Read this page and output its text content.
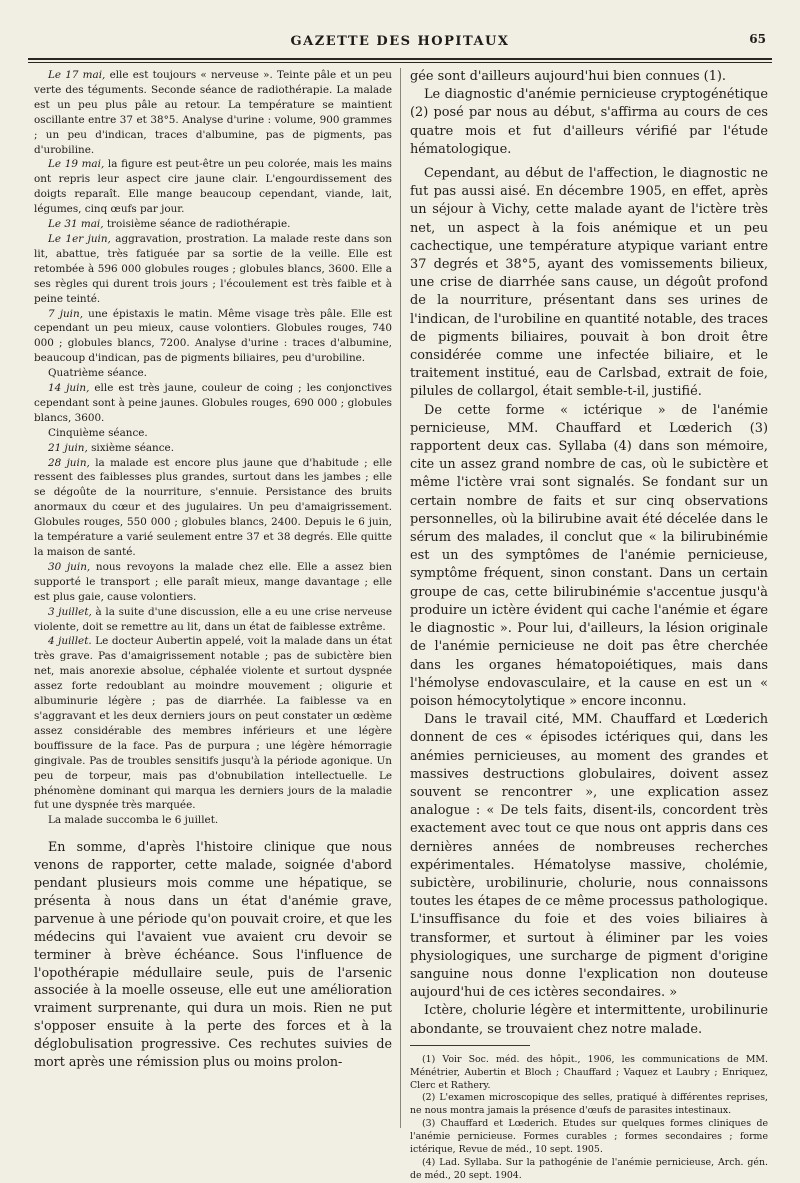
GAZETTE DES HOPITAUX	65

Le 17 mai, elle est toujours « nerveuse ». Teinte pâle et un peu verte des téguments. Seconde séance de radiothérapie. La malade est un peu plus pâle au retour. La température se maintient oscillante entre 37 et 38°5. Analyse d'urine : volume, 900 grammes ; un peu d'indican, traces d'albumine, pas de pigments, pas d'urobiline.

Le 19 mai, la figure est peut-être un peu colorée, mais les mains ont repris leur aspect cire jaune clair. L'engourdissement des doigts reparaît. Elle mange beaucoup cependant, viande, lait, légumes, cinq œufs par jour.

Le 31 mai, troisième séance de radiothérapie.

Le 1er juin, aggravation, prostration. La malade reste dans son lit, abattue, très fatiguée par sa sortie de la veille. Elle est retombée à 596 000 globules rouges ; globules blancs, 3600. Elle a ses règles qui durent trois jours ; l'écoulement est très faible et à peine teinté.

7 juin, une épistaxis le matin. Même visage très pâle. Elle est cependant un peu mieux, cause volontiers. Globules rouges, 740 000 ; globules blancs, 7200. Analyse d'urine : traces d'albumine, beaucoup d'indican, pas de pigments biliaires, peu d'urobiline.

Quatrième séance.

14 juin, elle est très jaune, couleur de coing ; les conjonctives cependant sont à peine jaunes. Globules rouges, 690 000 ; globules blancs, 3600.

Cinquième séance.

21 juin, sixième séance.

28 juin, la malade est encore plus jaune que d'habitude ; elle ressent des faiblesses plus grandes, surtout dans les jambes ; elle se dégoûte de la nourriture, s'ennuie. Persistance des bruits anormaux du cœur et des jugulaires. Un peu d'amaigrissement. Globules rouges, 550 000 ; globules blancs, 2400. Depuis le 6 juin, la température a varié seulement entre 37 et 38 degrés. Elle quitte la maison de santé.

30 juin, nous revoyons la malade chez elle. Elle a assez bien supporté le transport ; elle paraît mieux, mange davantage ; elle est plus gaie, cause volontiers.

3 juillet, à la suite d'une discussion, elle a eu une crise nerveuse violente, doit se remettre au lit, dans un état de faiblesse extrême.

4 juillet. Le docteur Aubertin appelé, voit la malade dans un état très grave. Pas d'amaigrissement notable ; pas de subictère bien net, mais anorexie absolue, céphalée violente et surtout dyspnée assez forte redoublant au moindre mouvement ; oligurie et albuminurie légère ; pas de diarrhée. La faiblesse va en s'aggravant et les deux derniers jours on peut constater un œdème assez considérable des membres inférieurs et une légère bouffissure de la face. Pas de purpura ; une légère hémorragie gingivale. Pas de troubles sensitifs jusqu'à la période agonique. Un peu de torpeur, mais pas d'obnubilation intellectuelle. Le phénomène dominant qui marqua les derniers jours de la maladie fut une dyspnée très marquée.

La malade succomba le 6 juillet.

En somme, d'après l'histoire clinique que nous venons de rapporter, cette malade, soignée d'abord pendant plusieurs mois comme une hépatique, se présenta à nous dans un état d'anémie grave, parvenue à une période qu'on pouvait croire, et que les médecins qui l'avaient vue avaient cru devoir se terminer à brève échéance. Sous l'influence de l'opothérapie médullaire seule, puis de l'arsenic associée à la moelle osseuse, elle eut une amélioration vraiment surprenante, qui dura un mois. Rien ne put s'opposer ensuite à la perte des forces et à la déglobulisation progressive. Ces rechutes suivies de mort après une rémission plus ou moins prolon-

gée sont d'ailleurs aujourd'hui bien connues (1).

Le diagnostic d'anémie pernicieuse cryptogénétique (2) posé par nous au début, s'affirma au cours de ces quatre mois et fut d'ailleurs vérifié par l'étude hématologique.

Cependant, au début de l'affection, le diagnostic ne fut pas aussi aisé. En décembre 1905, en effet, après un séjour à Vichy, cette malade ayant de l'ictère très net, un aspect à la fois anémique et un peu cachectique, une température atypique variant entre 37 degrés et 38°5, ayant des vomissements bilieux, une crise de diarrhée sans cause, un dégoût profond de la nourriture, présentant dans ses urines de l'indican, de l'urobiline en quantité notable, des traces de pigments biliaires, pouvait à bon droit être considérée comme une infectée biliaire, et le traitement institué, eau de Carlsbad, extrait de foie, pilules de collargol, était semble-t-il, justifié.

De cette forme « ictérique » de l'anémie pernicieuse, MM. Chauffard et Lœderich (3) rapportent deux cas. Syllaba (4) dans son mémoire, cite un assez grand nombre de cas, où le subictère et même l'ictère vrai sont signalés. Se fondant sur un certain nombre de faits et sur cinq observations personnelles, où la bilirubine avait été décelée dans le sérum des malades, il conclut que « la bilirubinémie est un des symptômes de l'anémie pernicieuse, symptôme fréquent, sinon constant. Dans un certain groupe de cas, cette bilirubinémie s'accentue jusqu'à produire un ictère évident qui cache l'anémie et égare le diagnostic ». Pour lui, d'ailleurs, la lésion originale de l'anémie pernicieuse ne doit pas être cherchée dans les organes hématopoiétiques, mais dans l'hémolyse endovasculaire, et la cause en est un « poison hémocytolytique » encore inconnu.

Dans le travail cité, MM. Chauffard et Lœderich donnent de ces « épisodes ictériques qui, dans les anémies pernicieuses, au moment des grandes et massives destructions globulaires, doivent assez souvent se rencontrer », une explication assez analogue : « De tels faits, disent-ils, concordent très exactement avec tout ce que nous ont appris dans ces dernières années de nombreuses recherches expérimentales. Hématolyse massive, cholémie, subictère, urobilinurie, cholurie, nous connaissons toutes les étapes de ce même processus pathologique. L'insuffisance du foie et des voies biliaires à transformer, et surtout à éliminer par les voies physiologiques, une surcharge de pigment d'origine sanguine nous donne l'explication non douteuse aujourd'hui de ces ictères secondaires. »

Ictère, cholurie légère et intermittente, urobilinurie abondante, se trouvaient chez notre malade.

(1) Voir Soc. méd. des hôpit., 1906, les communications de MM. Ménétrier, Aubertin et Bloch ; Chauffard ; Vaquez et Laubry ; Enriquez, Clerc et Rathery.

(2) L'examen microscopique des selles, pratiqué à différentes reprises, ne nous montra jamais la présence d'œufs de parasites intestinaux.

(3) Chauffard et Lœderich. Etudes sur quelques formes cliniques de l'anémie pernicieuse. Formes curables ; formes secondaires ; forme ictérique, Revue de méd., 10 sept. 1905.

(4) Lad. Syllaba. Sur la pathogénie de l'anémie pernicieuse, Arch. gén. de méd., 20 sept. 1904.
